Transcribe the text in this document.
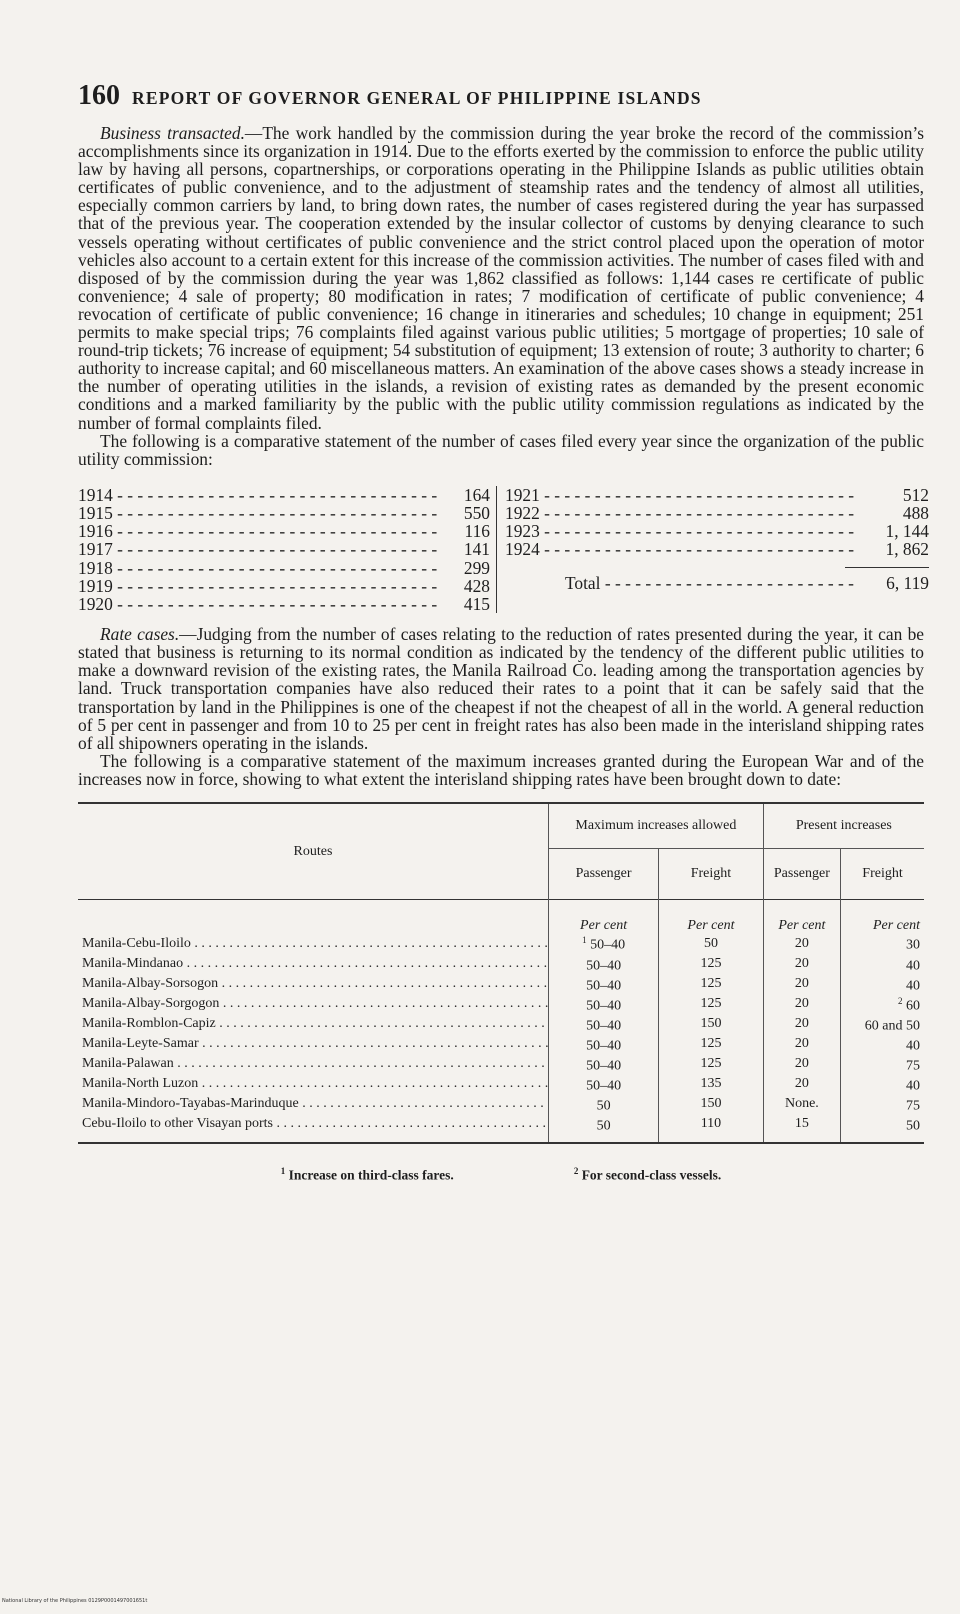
160 REPORT OF GOVERNOR GENERAL OF PHILIPPINE ISLANDS

Business transacted.—The work handled by the commission during the year broke the record of the commission’s accomplishments since its organization in 1914. Due to the efforts exerted by the commission to enforce the public utility law by having all persons, copartnerships, or corporations operating in the Philippine Islands as public utilities obtain certificates of public convenience, and to the adjustment of steamship rates and the tendency of almost all utilities, especially common carriers by land, to bring down rates, the number of cases registered during the year has surpassed that of the previous year. The cooperation extended by the insular collector of customs by denying clearance to such vessels operating without certificates of public convenience and the strict control placed upon the operation of motor vehicles also account to a certain extent for this increase of the commission activities. The number of cases filed with and disposed of by the commission during the year was 1,862 classified as follows: 1,144 cases re certificate of public convenience; 4 sale of property; 80 modification in rates; 7 modification of certificate of public convenience; 4 revocation of certificate of public convenience; 16 change in itineraries and schedules; 10 change in equipment; 251 permits to make special trips; 76 complaints filed against various public utilities; 5 mortgage of properties; 10 sale of round-trip tickets; 76 increase of equipment; 54 substitution of equipment; 13 extension of route; 3 authority to charter; 6 authority to increase capital; and 60 miscellaneous matters. An examination of the above cases shows a steady increase in the number of operating utilities in the islands, a revision of existing rates as demanded by the present economic conditions and a marked familiarity by the public with the public utility commission regulations as indicated by the number of formal complaints filed.

The following is a comparative statement of the number of cases filed every year since the organization of the public utility commission:

1914 - - -	164
1915 - - -	550
1916 - - -	116
1917 - - -	141
1918 - - -	299
1919 - - -	428
1920 - - -	415
1921 - - -	512
1922 - - -	488
1923 - - -	1, 144
1924 - - -	1, 862
Total - - -	6, 119

Rate cases.—Judging from the number of cases relating to the reduction of rates presented during the year, it can be stated that business is returning to its normal condition as indicated by the tendency of the different public utilities to make a downward revision of the existing rates, the Manila Railroad Co. leading among the transportation agencies by land. Truck transportation companies have also reduced their rates to a point that it can be safely said that the transportation by land in the Philippines is one of the cheapest if not the cheapest of all in the world. A general reduction of 5 per cent in passenger and from 10 to 25 per cent in freight rates has also been made in the interisland shipping rates of all shipowners operating in the islands.

The following is a comparative statement of the maximum increases granted during the European War and of the increases now in force, showing to what extent the interisland shipping rates have been brought down to date:

Routes	Maximum increases allowed		Present increases	
	Passenger	Freight	Passenger	Freight
	Per cent	Per cent	Per cent	Per cent
Manila-Cebu-Iloilo . . .	$^1$ 50–40	50	20	30
Manila-Mindanao . . .	50–40	125	20	40
Manila-Albay-Sorsogon . . .	50–40	125	20	40
Manila-Albay-Sorgogon . . .	50–40	125	20	$^2$ 60
Manila-Romblon-Capiz . . .	50–40	150	20	60 and 50
Manila-Leyte-Samar . . .	50–40	125	20	40
Manila-Palawan . . .	50–40	125	20	75
Manila-North Luzon . . .	50–40	135	20	40
Manila-Mindoro-Tayabas-Marinduque . . .	50	150	None.	75
Cebu-Iloilo to other Visayan ports . . .	50	110	15	50
$^1$ Increase on third-class fares.	$^2$ For second-class vessels.
National Library of the Philippines 0129P0001497001651t
